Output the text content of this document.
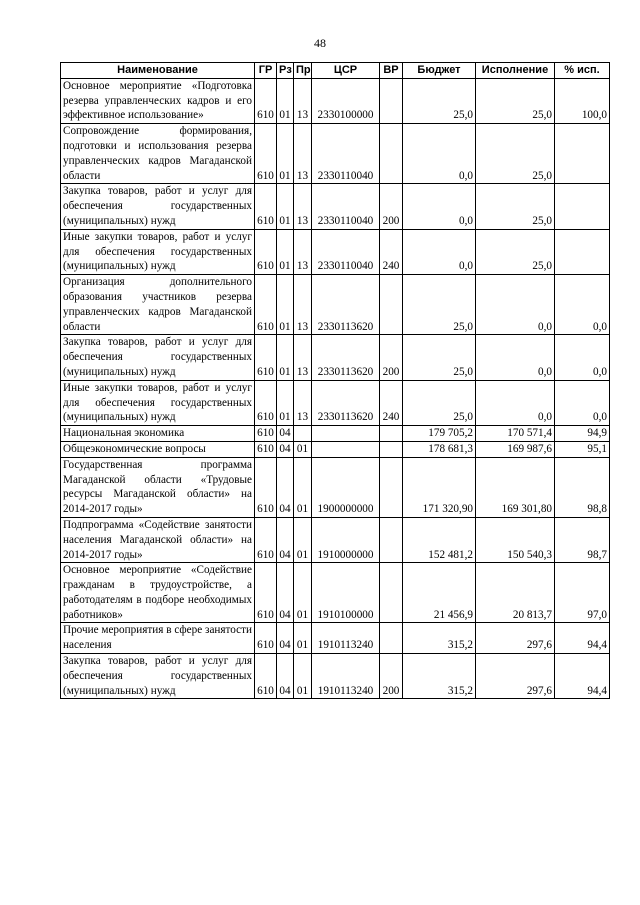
48
Наименование	ГР	Рз	Пр	ЦСР	ВР	Бюджет	Исполнение	% исп.
Основное мероприятие «Подготовка резерва управленческих кадров и его эффективное использование»	610	01	13	2330100000		25,0	25,0	100,0
Сопровождение формирования, подготовки и использования резерва управленческих кадров Магаданской области	610	01	13	2330110040		0,0	25,0	
Закупка товаров, работ и услуг для обеспечения государственных (муниципальных) нужд	610	01	13	2330110040	200	0,0	25,0	
Иные закупки товаров, работ и услуг для обеспечения государственных (муниципальных) нужд	610	01	13	2330110040	240	0,0	25,0	
Организация дополнительного образования участников резерва управленческих кадров Магаданской области	610	01	13	2330113620		25,0	0,0	0,0
Закупка товаров, работ и услуг для обеспечения государственных (муниципальных) нужд	610	01	13	2330113620	200	25,0	0,0	0,0
Иные закупки товаров, работ и услуг для обеспечения государственных (муниципальных) нужд	610	01	13	2330113620	240	25,0	0,0	0,0
Национальная экономика	610	04				179 705,2	170 571,4	94,9
Общеэкономические вопросы	610	04	01			178 681,3	169 987,6	95,1
Государственная программа Магаданской области «Трудовые ресурсы Магаданской области» на 2014-2017 годы»	610	04	01	1900000000		171 320,90	169 301,80	98,8
Подпрограмма «Содействие занятости населения Магаданской области» на 2014-2017 годы»	610	04	01	1910000000		152 481,2	150 540,3	98,7
Основное мероприятие «Содействие гражданам в трудоустройстве, а работодателям в подборе необходимых работников»	610	04	01	1910100000		21 456,9	20 813,7	97,0
Прочие мероприятия в сфере занятости населения	610	04	01	1910113240		315,2	297,6	94,4
Закупка товаров, работ и услуг для обеспечения государственных (муниципальных) нужд	610	04	01	1910113240	200	315,2	297,6	94,4
